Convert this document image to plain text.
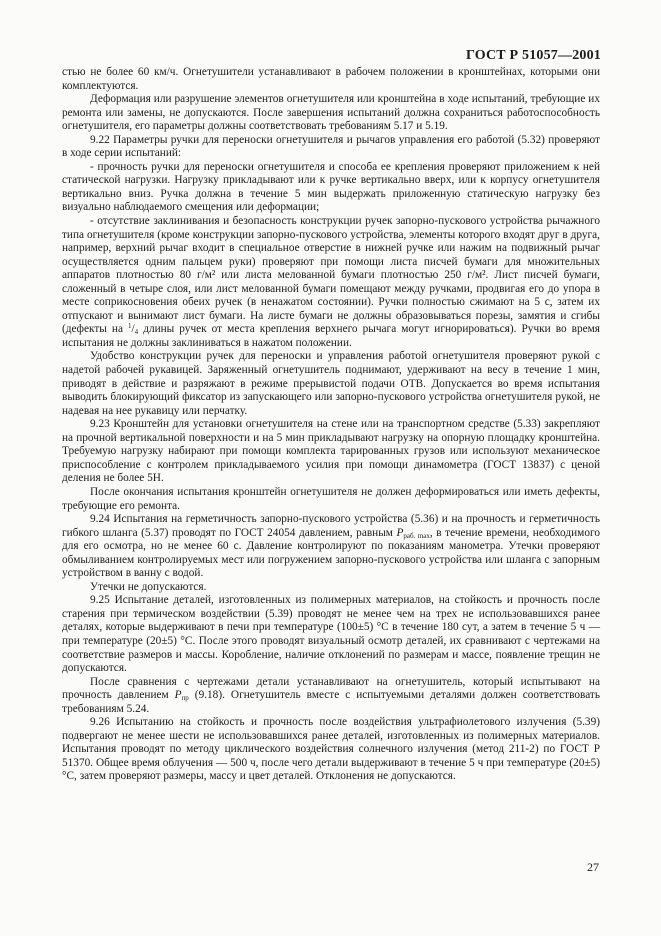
ГОСТ Р 51057—2001

стью не более 60 км/ч. Огнетушители устанавливают в рабочем положении в кронштейнах, которыми они комплектуются.

Деформация или разрушение элементов огнетушителя или кронштейна в ходе испытаний, требующие их ремонта или замены, не допускаются. После завершения испытаний должна сохраниться работоспособность огнетушителя, его параметры должны соответствовать требованиям 5.17 и 5.19.

9.22 Параметры ручки для переноски огнетушителя и рычагов управления его работой (5.32) проверяют в ходе серии испытаний:

- прочность ручки для переноски огнетушителя и способа ее крепления проверяют приложением к ней статической нагрузки. Нагрузку прикладывают или к ручке вертикально вверх, или к корпусу огнетушителя вертикально вниз. Ручка должна в течение 5 мин выдержать приложенную статическую нагрузку без визуально наблюдаемого смещения или деформации;

- отсутствие заклинивания и безопасность конструкции ручек запорно-пускового устройства рычажного типа огнетушителя (кроме конструкции запорно-пускового устройства, элементы которого входят друг в друга, например, верхний рычаг входит в специальное отверстие в нижней ручке или нажим на подвижный рычаг осуществляется одним пальцем руки) проверяют при помощи листа писчей бумаги для множительных аппаратов плотностью 80 г/м² или листа мелованной бумаги плотностью 250 г/м². Лист писчей бумаги, сложенный в четыре слоя, или лист мелованной бумаги помещают между ручками, продвигая его до упора в месте соприкосновения обеих ручек (в ненажатом состоянии). Ручки полностью сжимают на 5 с, затем их отпускают и вынимают лист бумаги. На листе бумаги не должны образовываться порезы, замятия и сгибы (дефекты на $^1/_4$ длины ручек от места крепления верхнего рычага могут игнорироваться). Ручки во время испытания не должны заклиниваться в нажатом положении.

Удобство конструкции ручек для переноски и управления работой огнетушителя проверяют рукой с надетой рабочей рукавицей. Заряженный огнетушитель поднимают, удерживают на весу в течение 1 мин, приводят в действие и разряжают в режиме прерывистой подачи ОТВ. Допускается во время испытания выводить блокирующий фиксатор из запускающего или запорно-пускового устройства огнетушителя рукой, не надевая на нее рукавицу или перчатку.

9.23 Кронштейн для установки огнетушителя на стене или на транспортном средстве (5.33) закрепляют на прочной вертикальной поверхности и на 5 мин прикладывают нагрузку на опорную площадку кронштейна. Требуемую нагрузку набирают при помощи комплекта тарированных грузов или используют механическое приспособление с контролем прикладываемого усилия при помощи динамометра (ГОСТ 13837) с ценой деления не более 5Н.

После окончания испытания кронштейн огнетушителя не должен деформироваться или иметь дефекты, требующие его ремонта.

9.24 Испытания на герметичность запорно-пускового устройства (5.36) и на прочность и герметичность гибкого шланга (5.37) проводят по ГОСТ 24054 давлением, равным $P_{раб. max}$, в течение времени, необходимого для его осмотра, но не менее 60 с. Давление контролируют по показаниям манометра. Утечки проверяют обмыливанием контролируемых мест или погружением запорно-пускового устройства или шланга с запорным устройством в ванну с водой.

Утечки не допускаются.

9.25 Испытание деталей, изготовленных из полимерных материалов, на стойкость и прочность после старения при термическом воздействии (5.39) проводят не менее чем на трех не использовавшихся ранее деталях, которые выдерживают в печи при температуре (100±5) °С в течение 180 сут, а затем в течение 5 ч — при температуре (20±5) °С. После этого проводят визуальный осмотр деталей, их сравнивают с чертежами на соответствие размеров и массы. Коробление, наличие отклонений по размерам и массе, появление трещин не допускаются.

После сравнения с чертежами детали устанавливают на огнетушитель, который испытывают на прочность давлением $P_{пр}$ (9.18). Огнетушитель вместе с испытуемыми деталями должен соответствовать требованиям 5.24.

9.26 Испытанию на стойкость и прочность после воздействия ультрафиолетового излучения (5.39) подвергают не менее шести не использовавшихся ранее деталей, изготовленных из полимерных материалов. Испытания проводят по методу циклического воздействия солнечного излучения (метод 211-2) по ГОСТ Р 51370. Общее время облучения — 500 ч, после чего детали выдерживают в течение 5 ч при температуре (20±5) °С, затем проверяют размеры, массу и цвет деталей. Отклонения не допускаются.

27
